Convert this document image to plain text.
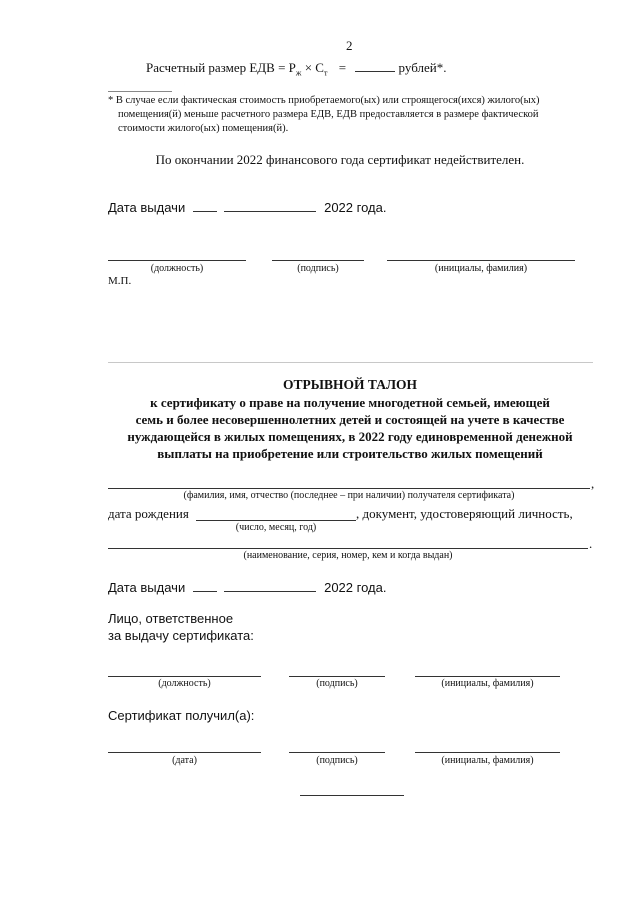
2
Расчетный размер ЕДВ = $Р_ж \times С_т$ =	рублей*.
* В случае если фактическая стоимость приобретаемого(ых) или строящегося(ихся) жилого(ых)
помещения(й) меньше расчетного размера ЕДВ, ЕДВ предоставляется в размере фактической
стоимости жилого(ых) помещения(й).
По окончании 2022 финансового года сертификат недействителен.
Дата выдачи	2022 года.
(должность)	(подпись)	(инициалы, фамилия)
М.П.
ОТРЫВНОЙ ТАЛОН
к сертификату о праве на получение многодетной семьей, имеющей
семь и более несовершеннолетних детей и состоящей на учете в качестве
нуждающейся в жилых помещениях, в 2022 году единовременной денежной
выплаты на приобретение или строительство жилых помещений
,
(фамилия, имя, отчество (последнее – при наличии) получателя сертификата)
дата рождения	, документ, удостоверяющий личность,
(число, месяц, год)
.
(наименование, серия, номер, кем и когда выдан)
Дата выдачи	2022 года.
Лицо, ответственное
за выдачу сертификата:
(должность)	(подпись)	(инициалы, фамилия)
Сертификат получил(а):
(дата)	(подпись)	(инициалы, фамилия)
